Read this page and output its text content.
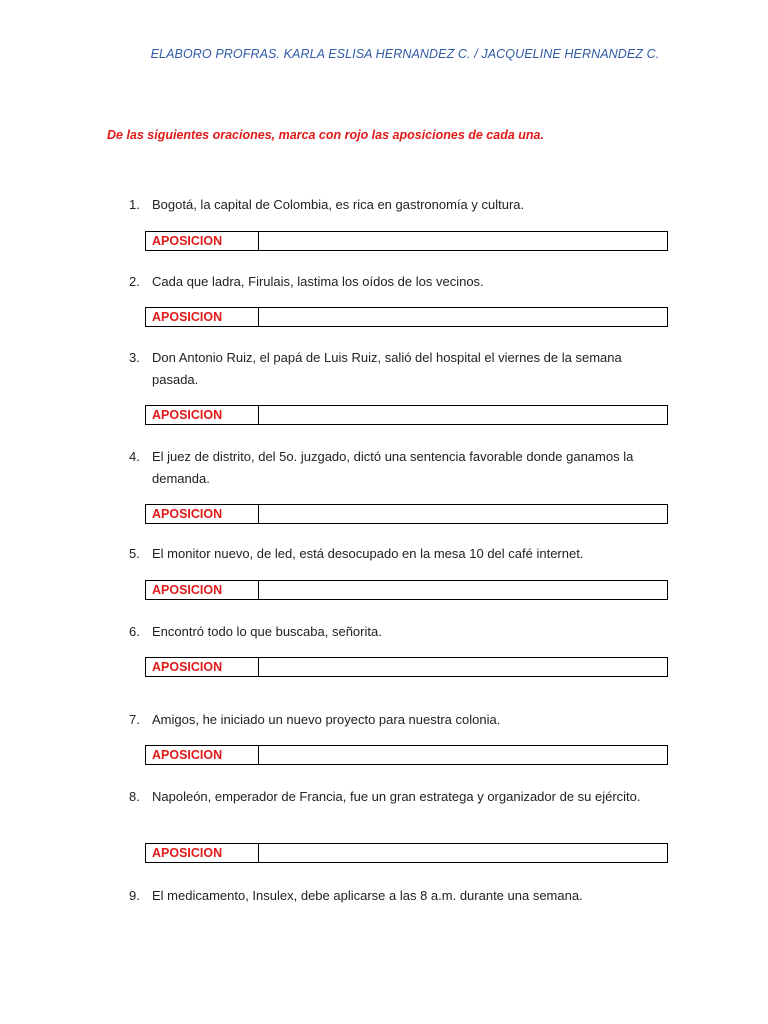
ELABORO PROFRAS. KARLA ESLISA HERNANDEZ C. / JACQUELINE HERNANDEZ C.
De las siguientes oraciones, marca con rojo las aposiciones de cada una.
1. Bogotá, la capital de Colombia, es rica en gastronomía y cultura.
APOSICION
2. Cada que ladra, Firulais, lastima los oídos de los vecinos.
APOSICION
3. Don Antonio Ruiz, el papá de Luis Ruiz, salió del hospital el viernes de la semana pasada.
APOSICION
4. El juez de distrito, del 5o. juzgado, dictó una sentencia favorable donde ganamos la demanda.
APOSICION
5. El monitor nuevo, de led, está desocupado en la mesa 10 del café internet.
APOSICION
6. Encontró todo lo que buscaba, señorita.
APOSICION
7. Amigos, he iniciado un nuevo proyecto para nuestra colonia.
APOSICION
8. Napoleón, emperador de Francia, fue un gran estratega y organizador de su ejército.
APOSICION
9. El medicamento, Insulex, debe aplicarse a las 8 a.m. durante una semana.
